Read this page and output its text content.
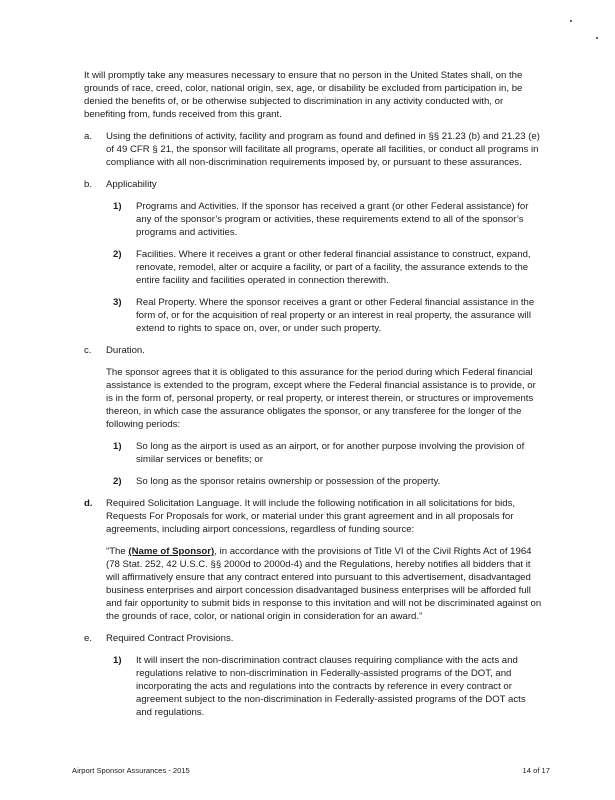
It will promptly take any measures necessary to ensure that no person in the United States shall, on the grounds of race, creed, color, national origin, sex, age, or disability be excluded from participation in, be denied the benefits of, or be otherwise subjected to discrimination in any activity conducted with, or benefiting from, funds received from this grant.

a.	Using the definitions of activity, facility and program as found and defined in §§ 21.23 (b) and 21.23 (e) of 49 CFR § 21, the sponsor will facilitate all programs, operate all facilities, or conduct all programs in compliance with all non-discrimination requirements imposed by, or pursuant to these assurances.
b.	Applicability
1)	Programs and Activities. If the sponsor has received a grant (or other Federal assistance) for any of the sponsor’s program or activities, these requirements extend to all of the sponsor’s programs and activities.
2)	Facilities. Where it receives a grant or other federal financial assistance to construct, expand, renovate, remodel, alter or acquire a facility, or part of a facility, the assurance extends to the entire facility and facilities operated in connection therewith.
3)	Real Property. Where the sponsor receives a grant or other Federal financial assistance in the form of, or for the acquisition of real property or an interest in real property, the assurance will extend to rights to space on, over, or under such property.
c.	Duration.

The sponsor agrees that it is obligated to this assurance for the period during which Federal financial assistance is extended to the program, except where the Federal financial assistance is to provide, or is in the form of, personal property, or real property, or interest therein, or structures or improvements thereon, in which case the assurance obligates the sponsor, or any transferee for the longer of the following periods:

1)	So long as the airport is used as an airport, or for another purpose involving the provision of similar services or benefits; or
2)	So long as the sponsor retains ownership or possession of the property.
d.	Required Solicitation Language. It will include the following notification in all solicitations for bids, Requests For Proposals for work, or material under this grant agreement and in all proposals for agreements, including airport concessions, regardless of funding source:

“The (Name of Sponsor), in accordance with the provisions of Title VI of the Civil Rights Act of 1964 (78 Stat. 252, 42 U.S.C. §§ 2000d to 2000d-4) and the Regulations, hereby notifies all bidders that it will affirmatively ensure that any contract entered into pursuant to this advertisement, disadvantaged business enterprises and airport concession disadvantaged business enterprises will be afforded full and fair opportunity to submit bids in response to this invitation and will not be discriminated against on the grounds of race, color, or national origin in consideration for an award.”

e.	Required Contract Provisions.
1)	It will insert the non-discrimination contract clauses requiring compliance with the acts and regulations relative to non-discrimination in Federally-assisted programs of the DOT, and incorporating the acts and regulations into the contracts by reference in every contract or agreement subject to the non-discrimination in Federally-assisted programs of the DOT acts and regulations.
Airport Sponsor Assurances - 2015	14 of 17
